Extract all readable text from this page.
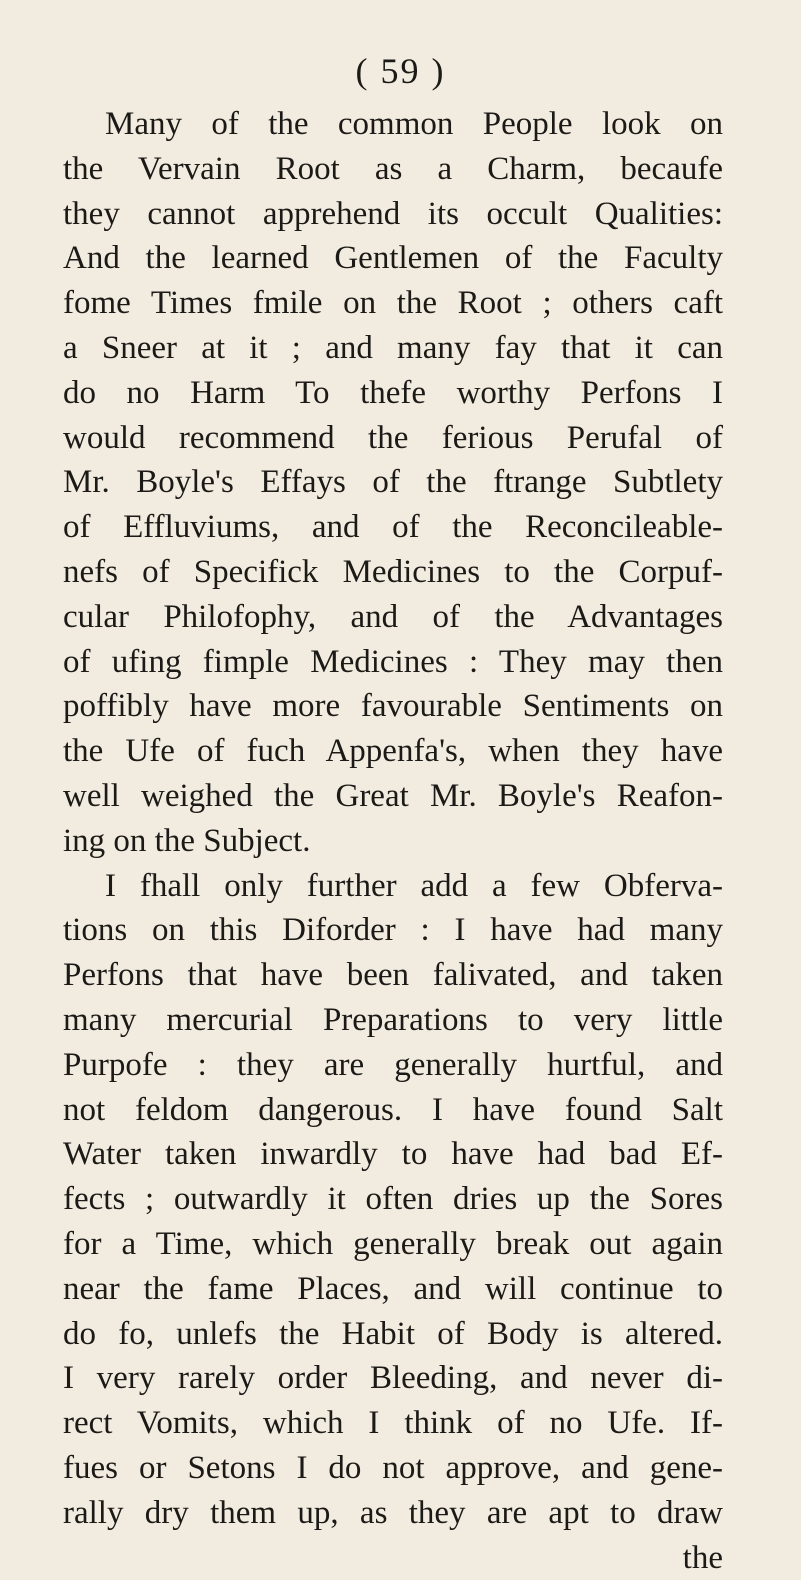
( 59 )
Many of the common People look on
the Vervain Root as a Charm, becaufe
they cannot apprehend its occult Qualities:
And the learned Gentlemen of the Faculty
fome Times fmile on the Root ; others caft
a Sneer at it ; and many fay that it can
do no Harm To thefe worthy Perfons I
would recommend the ferious Perufal of
Mr. Boyle's Effays of the ftrange Subtlety
of Effluviums, and of the Reconcileable-
nefs of Specifick Medicines to the Corpuf-
cular Philofophy, and of the Advantages
of ufing fimple Medicines : They may then
poffibly have more favourable Sentiments on
the Ufe of fuch Appenfa's, when they have
well weighed the Great Mr. Boyle's Reafon-
ing on the Subject.
I fhall only further add a few Obferva-
tions on this Diforder : I have had many
Perfons that have been falivated, and taken
many mercurial Preparations to very little
Purpofe : they are generally hurtful, and
not feldom dangerous. I have found Salt
Water taken inwardly to have had bad Ef-
fects ; outwardly it often dries up the Sores
for a Time, which generally break out again
near the fame Places, and will continue to
do fo, unlefs the Habit of Body is altered.
I very rarely order Bleeding, and never di-
rect Vomits, which I think of no Ufe. If-
fues or Setons I do not approve, and gene-
rally dry them up, as they are apt to draw
the
